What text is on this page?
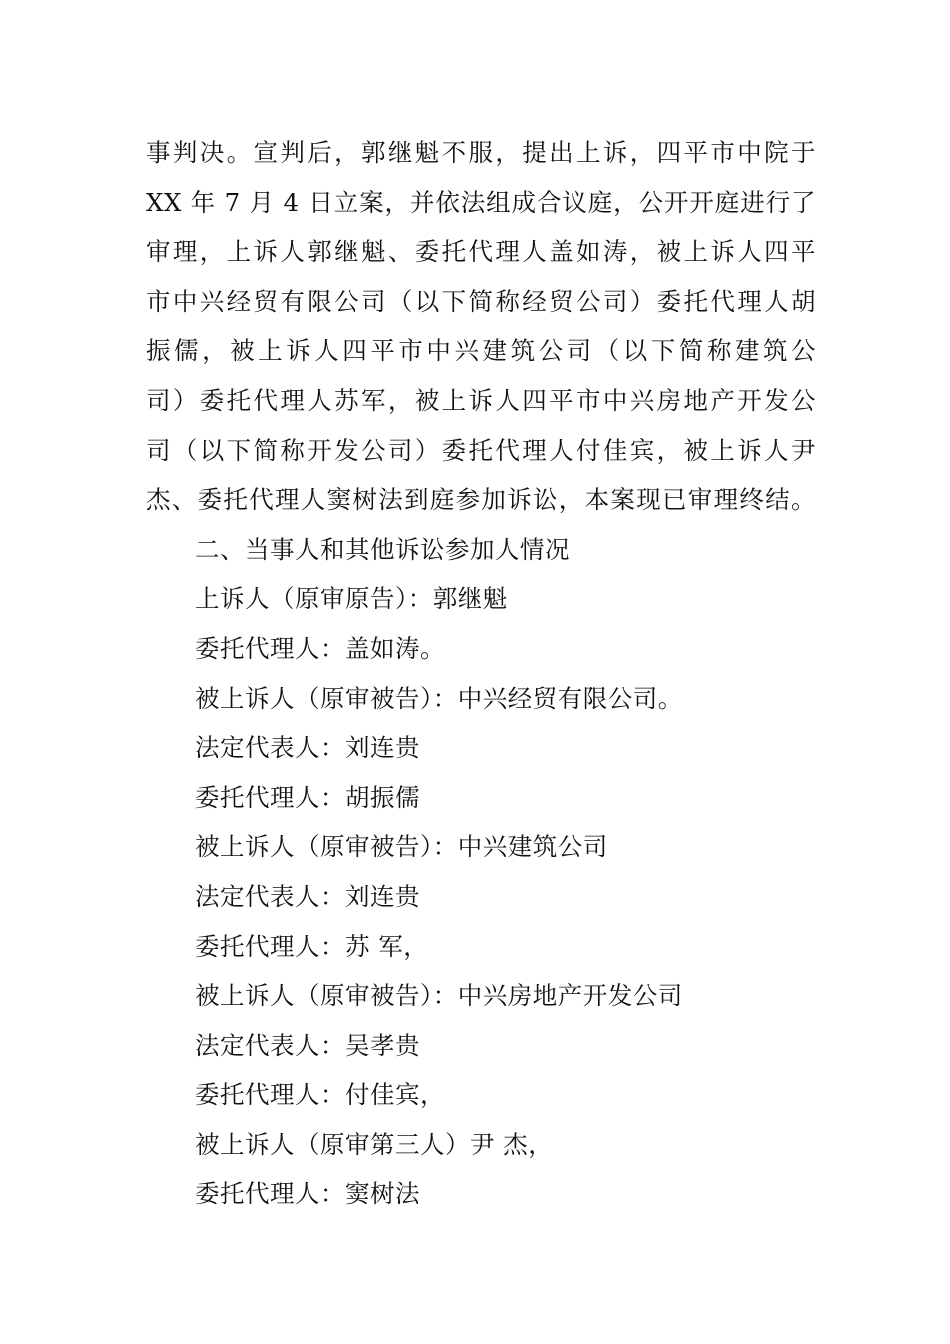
事判决。宣判后，郭继魁不服，提出上诉，四平市中院于
XX 年 7 月 4 日立案，并依法组成合议庭，公开开庭进行了
审理，上诉人郭继魁、委托代理人盖如涛，被上诉人四平
市中兴经贸有限公司（以下简称经贸公司）委托代理人胡
振儒，被上诉人四平市中兴建筑公司（以下简称建筑公
司）委托代理人苏军，被上诉人四平市中兴房地产开发公
司（以下简称开发公司）委托代理人付佳宾，被上诉人尹
杰、委托代理人窦树法到庭参加诉讼，本案现已审理终结。
二、当事人和其他诉讼参加人情况
上诉人（原审原告）：郭继魁
委托代理人：盖如涛。
被上诉人（原审被告）：中兴经贸有限公司。
法定代表人：刘连贵
委托代理人：胡振儒
被上诉人（原审被告）：中兴建筑公司
法定代表人：刘连贵
委托代理人：苏 军，
被上诉人（原审被告）：中兴房地产开发公司
法定代表人：吴孝贵
委托代理人：付佳宾，
被上诉人（原审第三人）尹 杰，
委托代理人：窦树法
